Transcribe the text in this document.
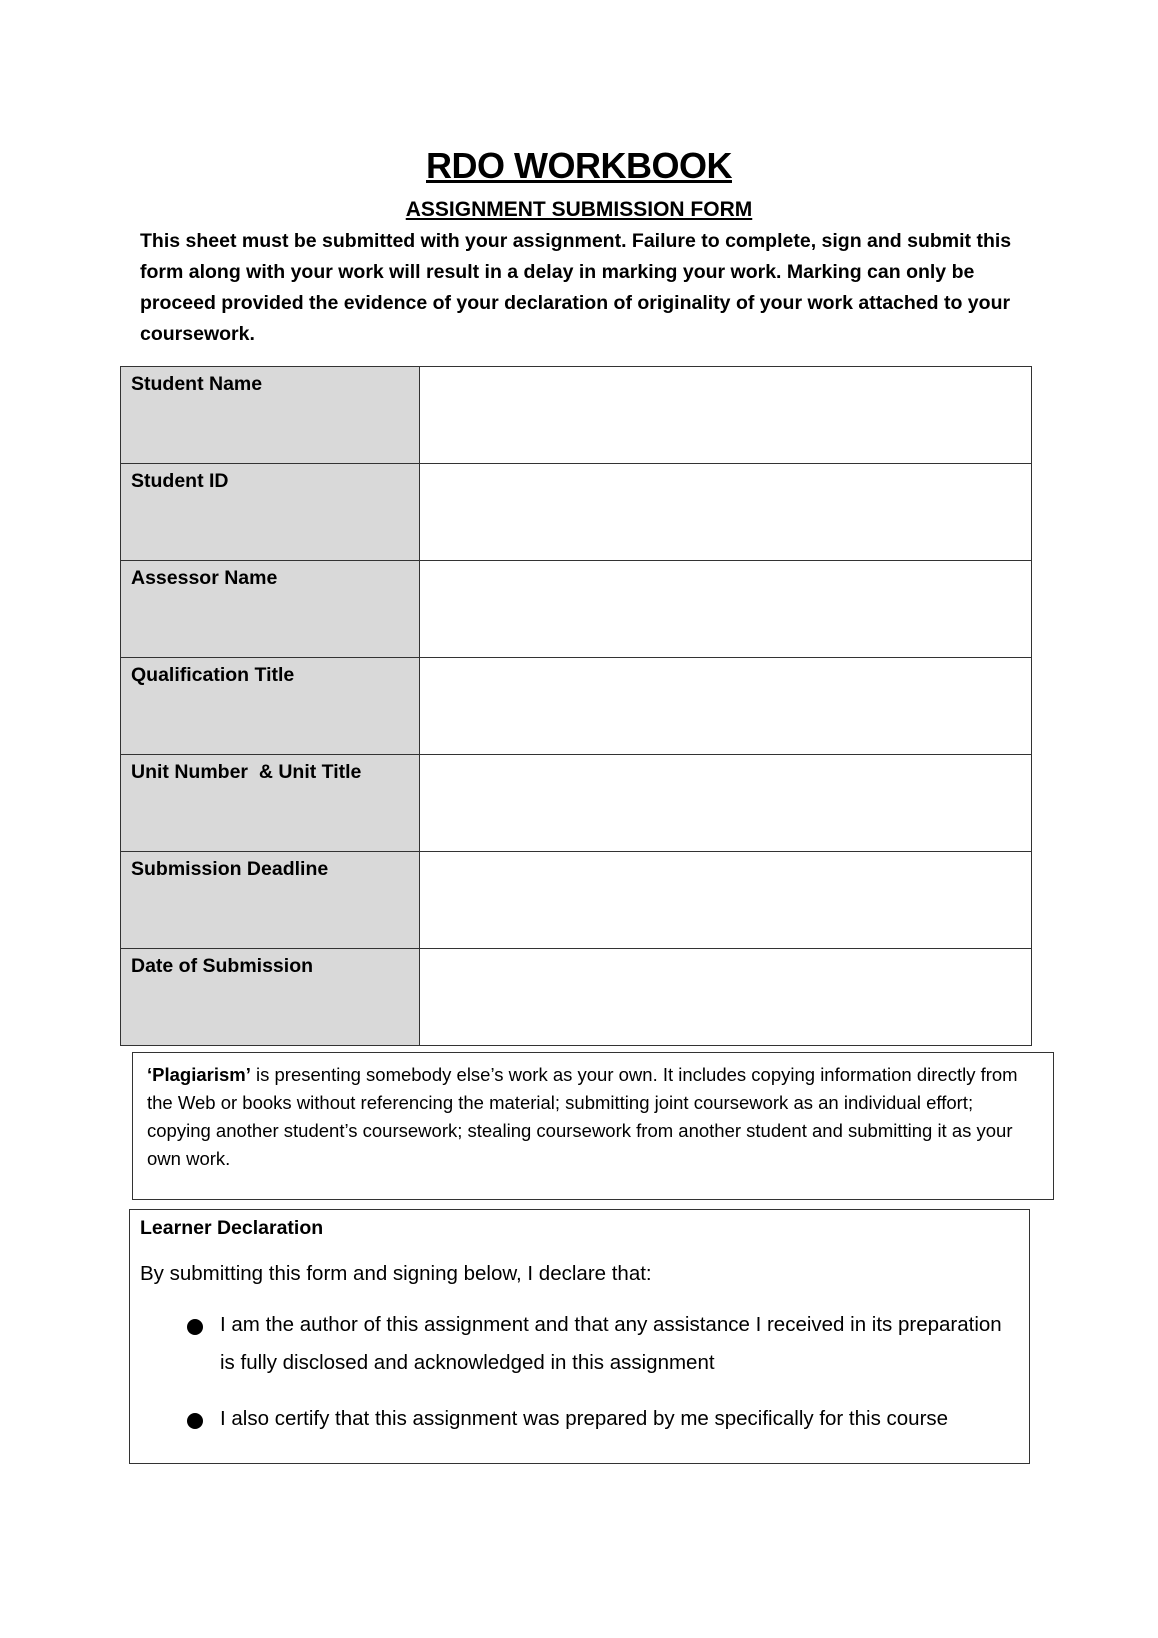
RDO WORKBOOK
ASSIGNMENT SUBMISSION FORM

This sheet must be submitted with your assignment. Failure to complete, sign and submit this form along with your work will result in a delay in marking your work. Marking can only be proceed provided the evidence of your declaration of originality of your work attached to your coursework.

Student Name	
Student ID	
Assessor Name	
Qualification Title	
Unit Number  & Unit Title	
Submission Deadline	
Date of Submission	
‘Plagiarism’ is presenting somebody else’s work as your own. It includes copying information directly from the Web or books without referencing the material; submitting joint coursework as an individual effort; copying another student’s coursework; stealing coursework from another student and submitting it as your own work.
Learner Declaration
By submitting this form and signing below, I declare that:
I am the author of this assignment and that any assistance I received in its preparation is fully disclosed and acknowledged in this assignment
I also certify that this assignment was prepared by me specifically for this course
